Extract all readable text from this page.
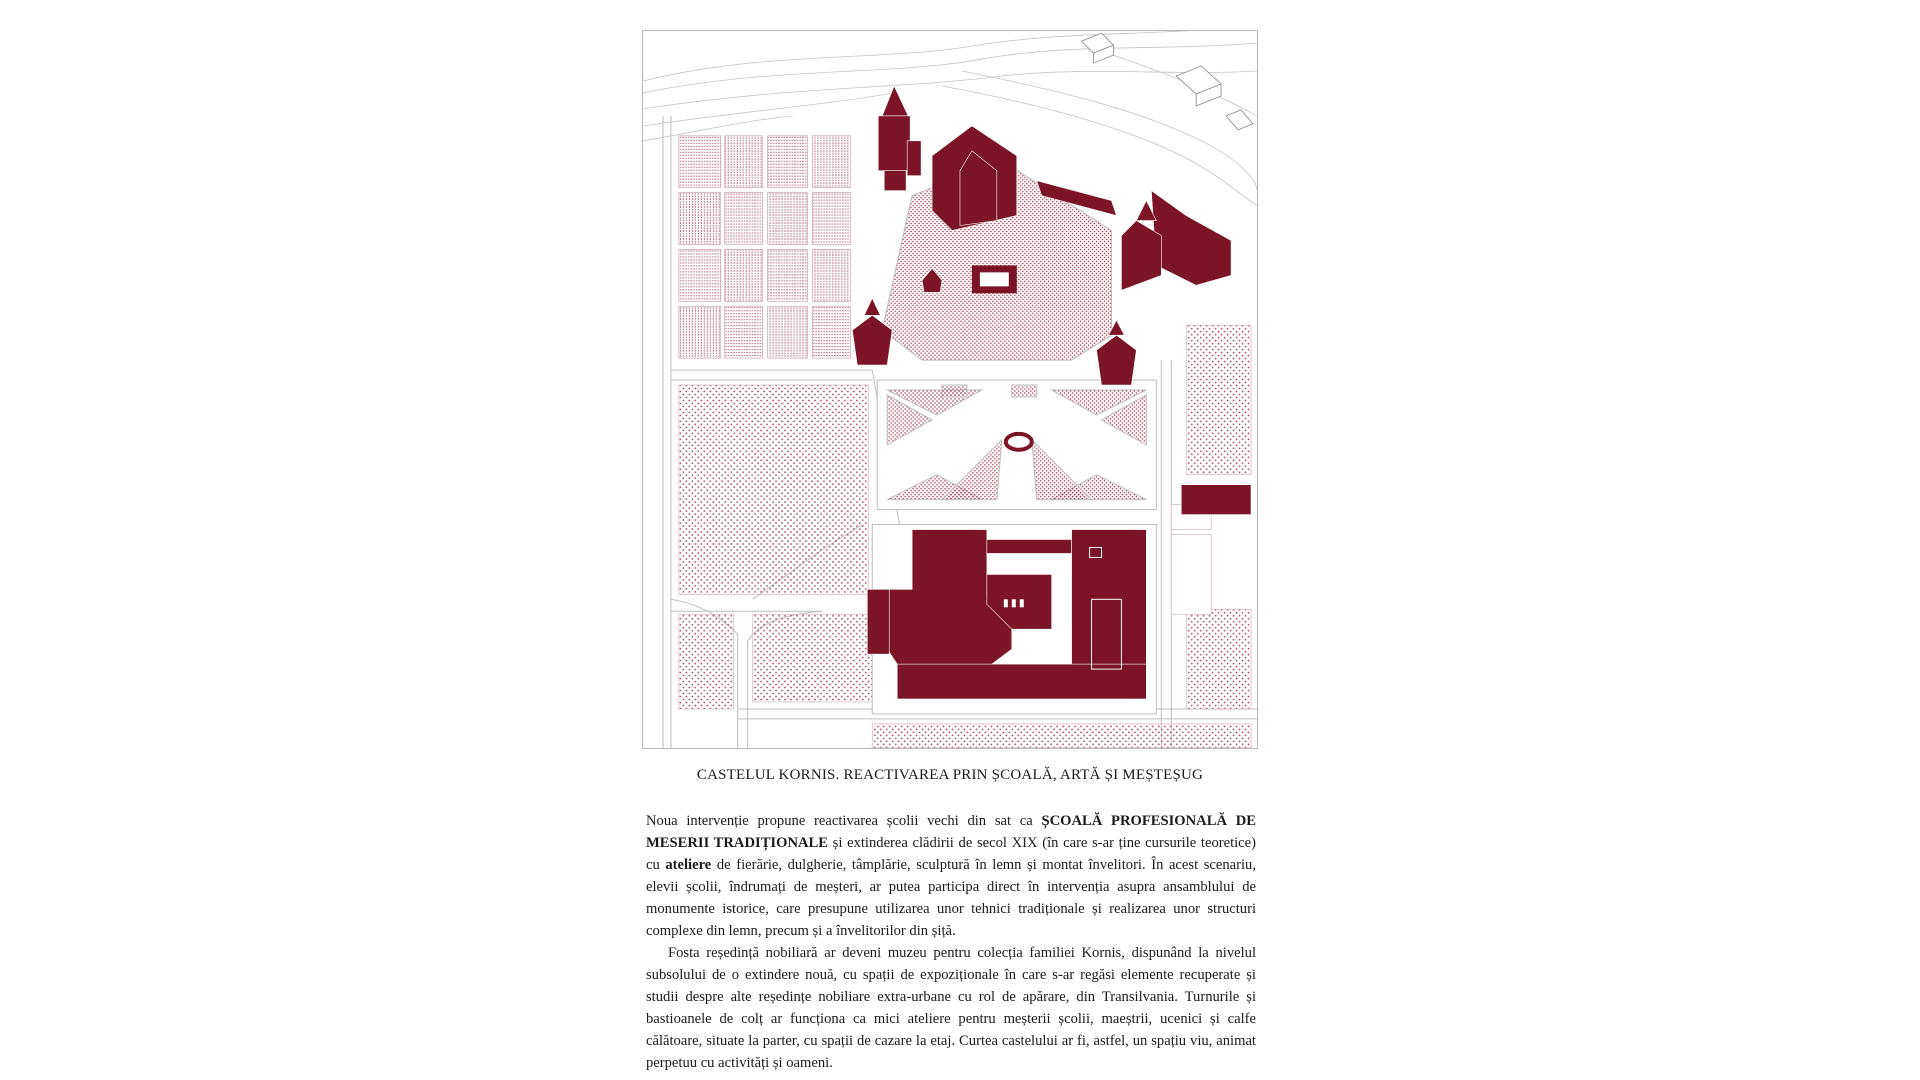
CASTELUL KORNIS. REACTIVAREA PRIN ȘCOALĂ, ARTĂ ȘI MEȘTEȘUG

Noua intervenție propune reactivarea școlii vechi din sat ca ȘCOALĂ PROFESIONALĂ DE MESERII TRADIȚIONALE și extinderea clădirii de secol XIX (în care s-ar ține cursurile teoretice) cu ateliere de fierărie, dulgherie, tâmplărie, sculptură în lemn și montat învelitori. În acest scenariu, elevii școlii, îndrumați de meșteri, ar putea participa direct în intervenția asupra ansamblului de monumente istorice, care presupune utilizarea unor tehnici tradiționale și realizarea unor structuri complexe din lemn, precum și a învelitorilor din șiță.

Fosta reședință nobiliară ar deveni muzeu pentru colecția familiei Kornis, dispunând la nivelul subsolului de o extindere nouă, cu spații de expoziționale în care s-ar regăsi elemente recuperate și studii despre alte reședințe nobiliare extra-urbane cu rol de apărare, din Transilvania. Turnurile și bastioanele de colț ar funcționa ca mici ateliere pentru meșterii școlii, maeștrii, ucenici și calfe călătoare, situate la parter, cu spații de cazare la etaj. Curtea castelului ar fi, astfel, un spațiu viu, animat perpetuu cu activități și oameni.
